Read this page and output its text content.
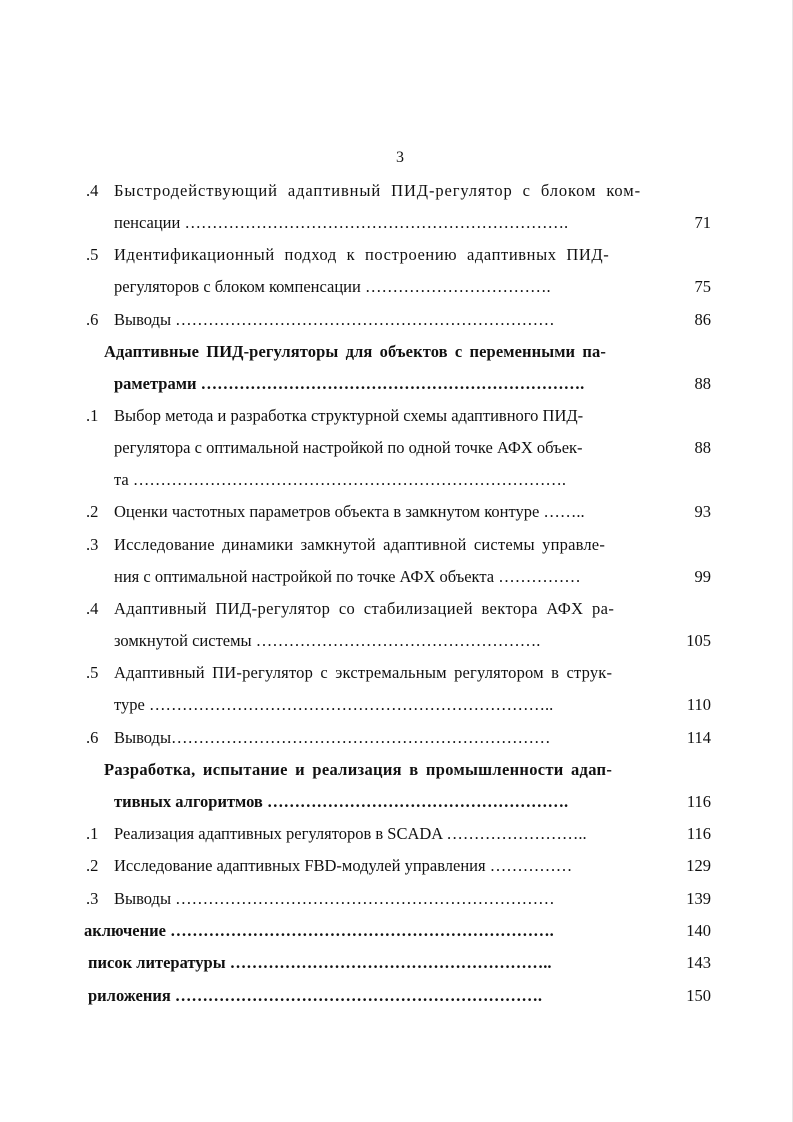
3
.4 Быстродействующий адаптивный ПИД-регулятор с блоком ком-
пенсации …………………………………………………………….	71
.5 Идентификационный подход к построению адаптивных ПИД-
регуляторов с блоком компенсации …………………………….	75
.6 Выводы ……………………………………………………………	86
Адаптивные ПИД-регуляторы для объектов с переменными па-
раметрами …………………………………………………………….	88
.1 Выбор метода и разработка структурной схемы адаптивного ПИД-
регулятора с оптимальной настройкой по одной точке АФХ объек-	88
та …………………………………………………………………….
.2 Оценки частотных параметров объекта в замкнутом контуре ……..	93
.3 Исследование динамики замкнутой адаптивной системы управле-
ния с оптимальной настройкой по точке АФХ объекта ……………	99
.4 Адаптивный ПИД-регулятор со стабилизацией вектора АФХ ра-
зомкнутой системы …………………………………………….	105
.5 Адаптивный ПИ-регулятор с экстремальным регулятором в струк-
туре ………………………………………………………………..	110
.6 Выводы……………………………………………………………	114
Разработка, испытание и реализация в промышленности адап-
тивных алгоритмов ……………………………………………….	116
.1 Реализация адаптивных регуляторов в SCADA ……………………..	116
.2 Исследование адаптивных FBD-модулей управления ……………	129
.3 Выводы ……………………………………………………………	139
аключение …………………………………………………………….	140
писок литературы …………………………………………………..	143
риложения ………………………………………………………….	150
